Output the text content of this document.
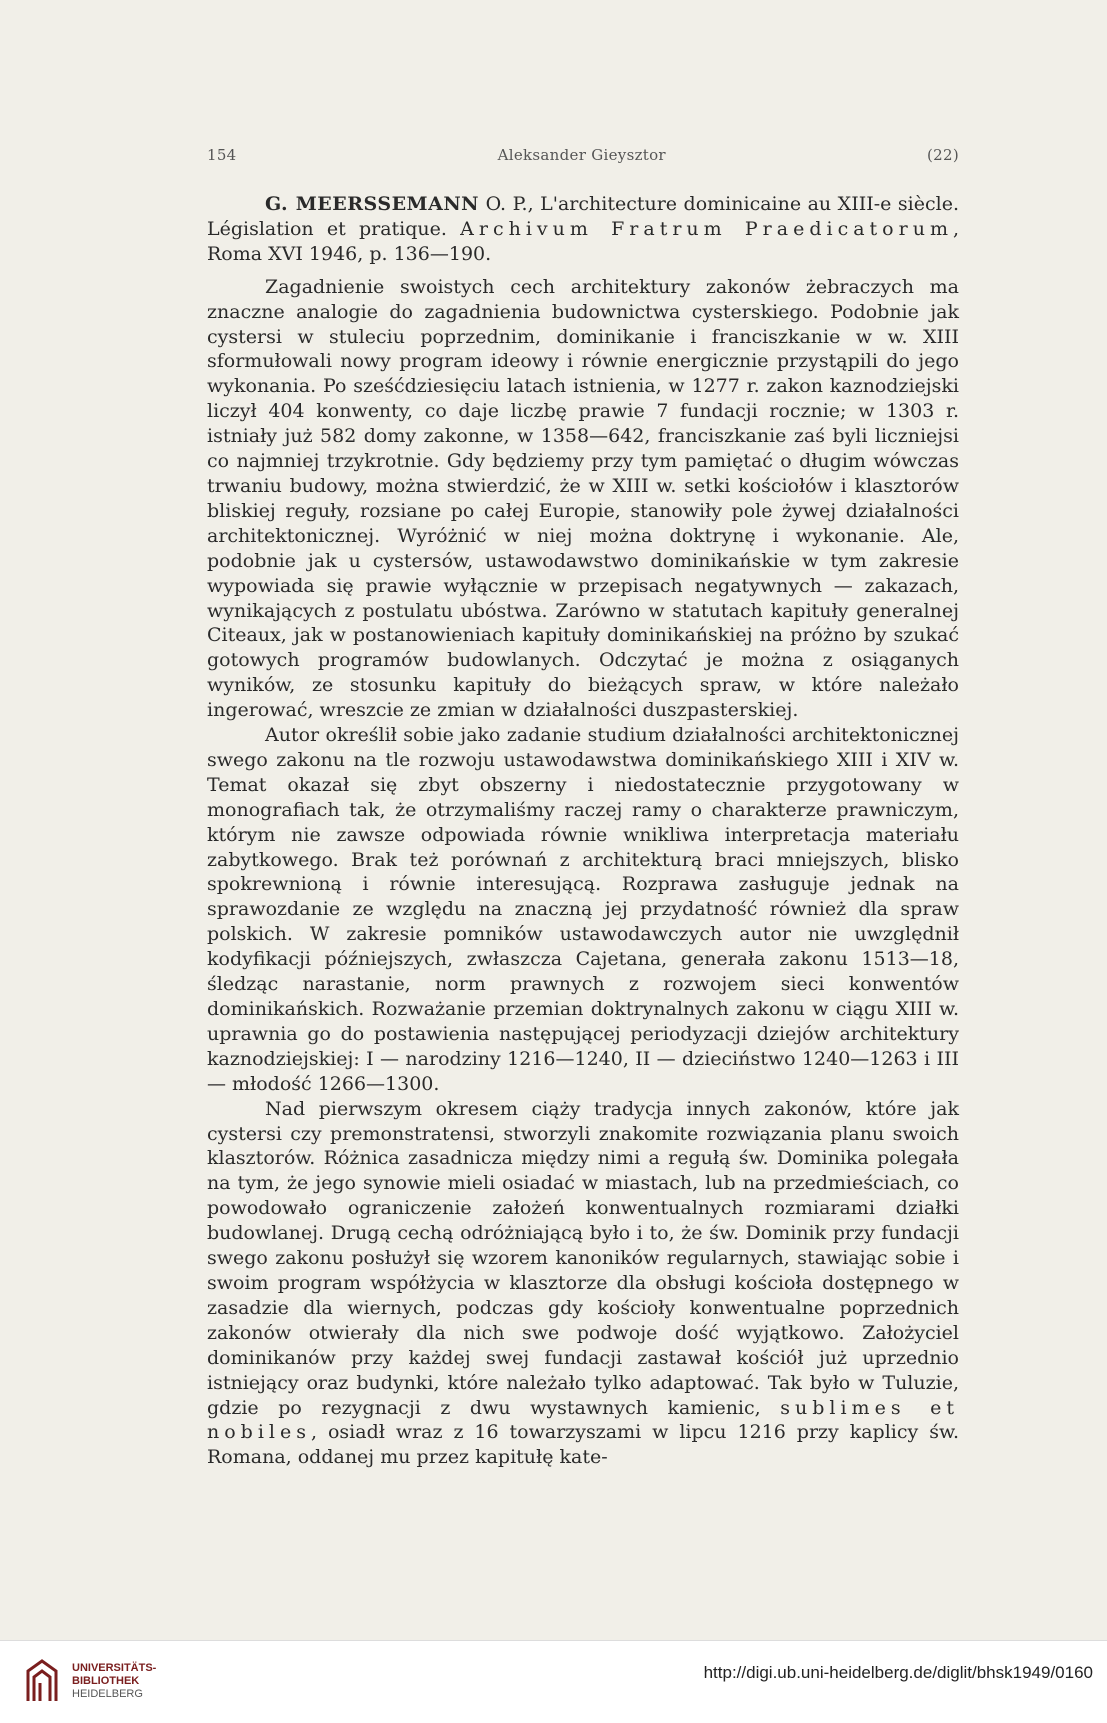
154	Aleksander Gieysztor	(22)

G. MEERSSEMANN O. P., L'architecture dominicaine au XIII-e siècle. Législation et pratique. Archivum Fratrum Praedicatorum, Roma XVI 1946, p. 136—190.

Zagadnienie swoistych cech architektury zakonów żebraczych ma znaczne analogie do zagadnienia budownictwa cysterskiego. Podobnie jak cystersi w stuleciu poprzednim, dominikanie i franciszkanie w w. XIII sformułowali nowy program ideowy i równie energicznie przystąpili do jego wykonania. Po sześćdziesięciu latach istnienia, w 1277 r. zakon kaznodziejski liczył 404 konwenty, co daje liczbę prawie 7 fundacji rocznie; w 1303 r. istniały już 582 domy zakonne, w 1358—642, franciszkanie zaś byli liczniejsi co najmniej trzykrotnie. Gdy będziemy przy tym pamiętać o długim wówczas trwaniu budowy, można stwierdzić, że w XIII w. setki kościołów i klasztorów bliskiej reguły, rozsiane po całej Europie, stanowiły pole żywej działalności architektonicznej. Wyróżnić w niej można doktrynę i wykonanie. Ale, podobnie jak u cystersów, ustawodawstwo dominikańskie w tym zakresie wypowiada się prawie wyłącznie w przepisach negatywnych — zakazach, wynikających z postulatu ubóstwa. Zarówno w statutach kapituły generalnej Citeaux, jak w postanowieniach kapituły dominikańskiej na próżno by szukać gotowych programów budowlanych. Odczytać je można z osiąganych wyników, ze stosunku kapituły do bieżących spraw, w które należało ingerować, wreszcie ze zmian w działalności duszpasterskiej.

Autor określił sobie jako zadanie studium działalności architektonicznej swego zakonu na tle rozwoju ustawodawstwa dominikańskiego XIII i XIV w. Temat okazał się zbyt obszerny i niedostatecznie przygotowany w monografiach tak, że otrzymaliśmy raczej ramy o charakterze prawniczym, którym nie zawsze odpowiada równie wnikliwa interpretacja materiału zabytkowego. Brak też porównań z architekturą braci mniejszych, blisko spokrewnioną i równie interesującą. Rozprawa zasługuje jednak na sprawozdanie ze względu na znaczną jej przydatność również dla spraw polskich. W zakresie pomników ustawodawczych autor nie uwzględnił kodyfikacji późniejszych, zwłaszcza Cajetana, generała zakonu 1513—18, śledząc narastanie, norm prawnych z rozwojem sieci konwentów dominikańskich. Rozważanie przemian doktrynalnych zakonu w ciągu XIII w. uprawnia go do postawienia następującej periodyzacji dziejów architektury kaznodziejskiej: I — narodziny 1216—1240, II — dzieciństwo 1240—1263 i III — młodość 1266—1300.

Nad pierwszym okresem ciąży tradycja innych zakonów, które jak cystersi czy premonstratensi, stworzyli znakomite rozwiązania planu swoich klasztorów. Różnica zasadnicza między nimi a regułą św. Dominika polegała na tym, że jego synowie mieli osiadać w miastach, lub na przedmieściach, co powodowało ograniczenie założeń konwentualnych rozmiarami działki budowlanej. Drugą cechą odróżniającą było i to, że św. Dominik przy fundacji swego zakonu posłużył się wzorem kanoników regularnych, stawiając sobie i swoim program współżycia w klasztorze dla obsługi kościoła dostępnego w zasadzie dla wiernych, podczas gdy kościoły konwentualne poprzednich zakonów otwierały dla nich swe podwoje dość wyjątkowo. Założyciel dominikanów przy każdej swej fundacji zastawał kościół już uprzednio istniejący oraz budynki, które należało tylko adaptować. Tak było w Tuluzie, gdzie po rezygnacji z dwu wystawnych kamienic, sublimes et nobiles, osiadł wraz z 16 towarzyszami w lipcu 1216 przy kaplicy św. Romana, oddanej mu przez kapitułę kate-

UNIVERSITÄTS-
BIBLIOTHEK
HEIDELBERG
http://digi.ub.uni-heidelberg.de/diglit/bhsk1949/0160
